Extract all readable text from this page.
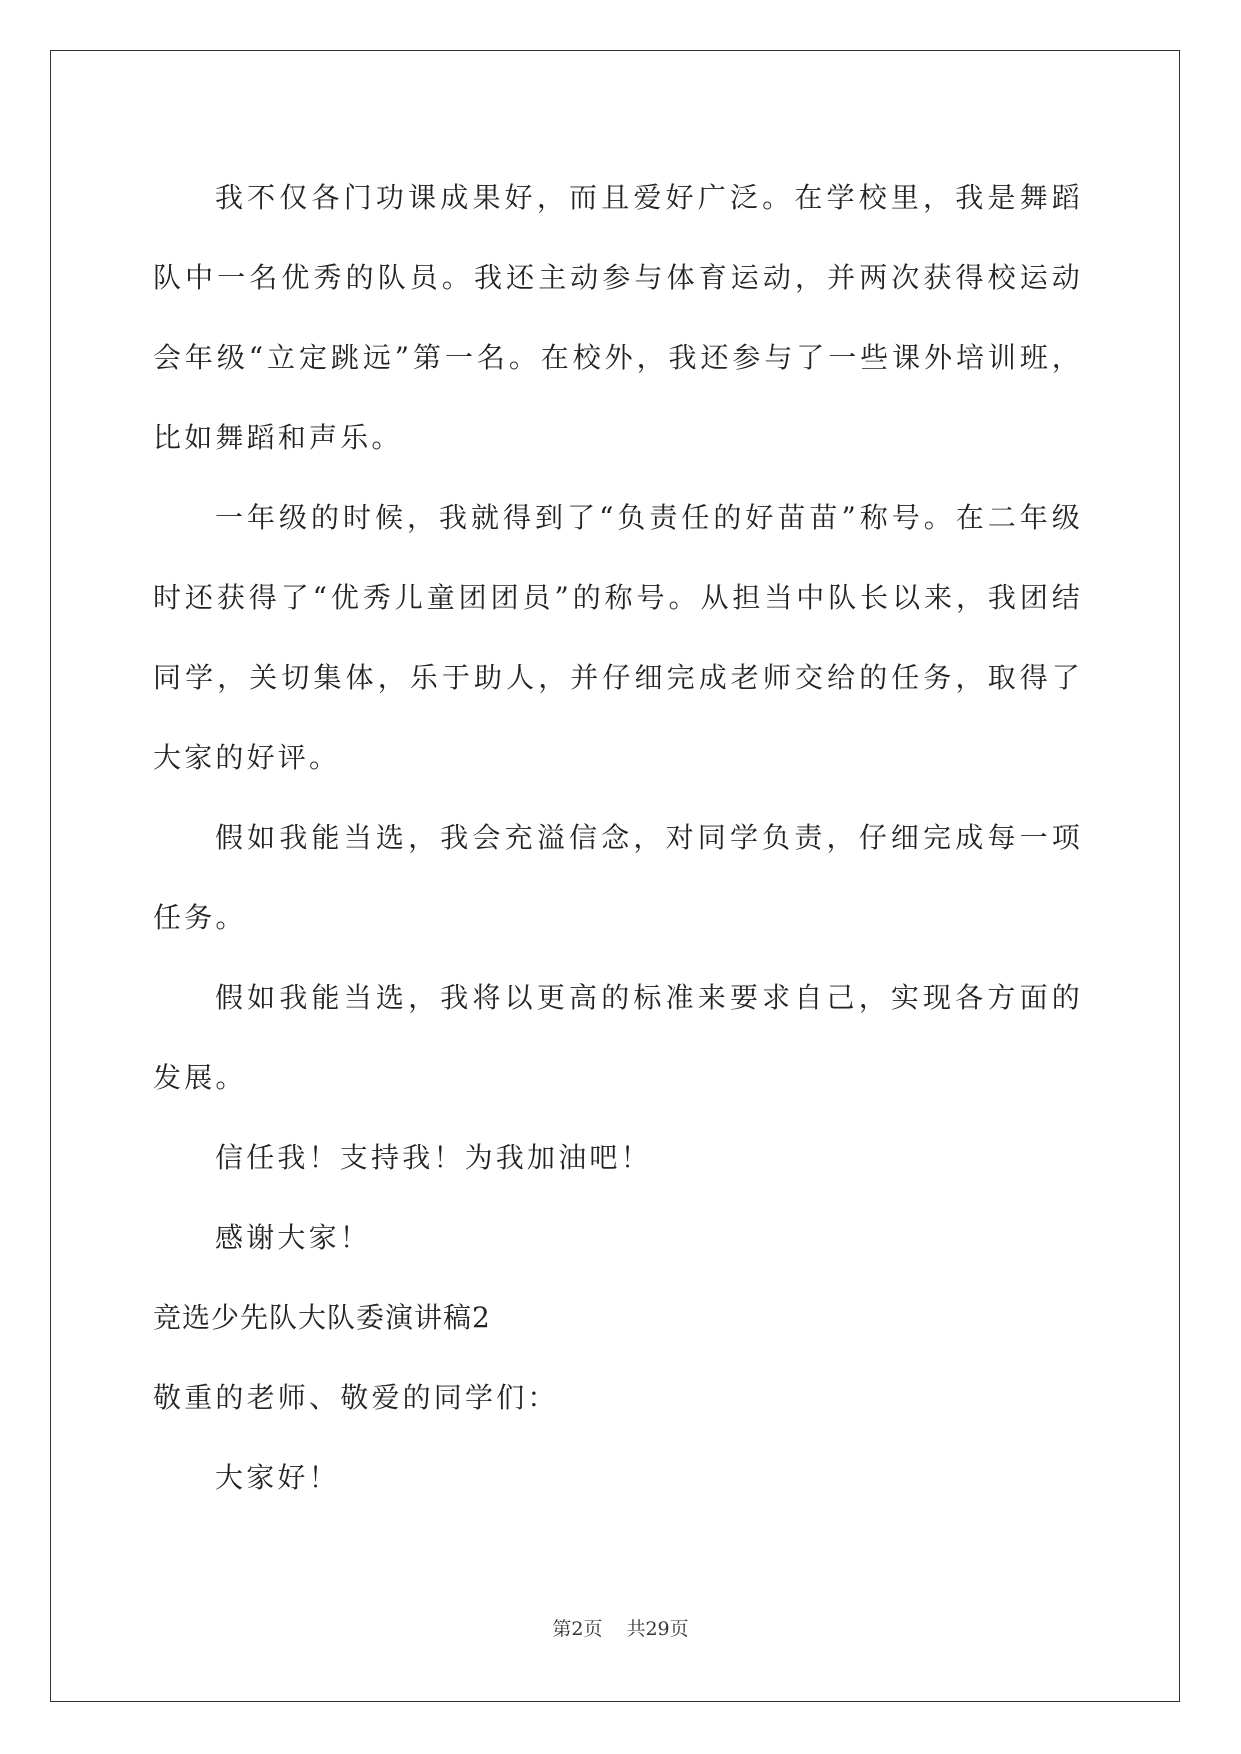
我不仅各门功课成果好，而且爱好广泛。在学校里，我是舞蹈队中一名优秀的队员。我还主动参与体育运动，并两次获得校运动会年级“立定跳远”第一名。在校外，我还参与了一些课外培训班，比如舞蹈和声乐。

一年级的时候，我就得到了“负责任的好苗苗”称号。在二年级时还获得了“优秀儿童团团员”的称号。从担当中队长以来，我团结同学，关切集体，乐于助人，并仔细完成老师交给的任务，取得了大家的好评。

假如我能当选，我会充溢信念，对同学负责，仔细完成每一项任务。

假如我能当选，我将以更高的标准来要求自己，实现各方面的发展。

信任我！支持我！为我加油吧！

感谢大家！

竞选少先队大队委演讲稿2

敬重的老师、敬爱的同学们：

大家好！

第2页 共29页
